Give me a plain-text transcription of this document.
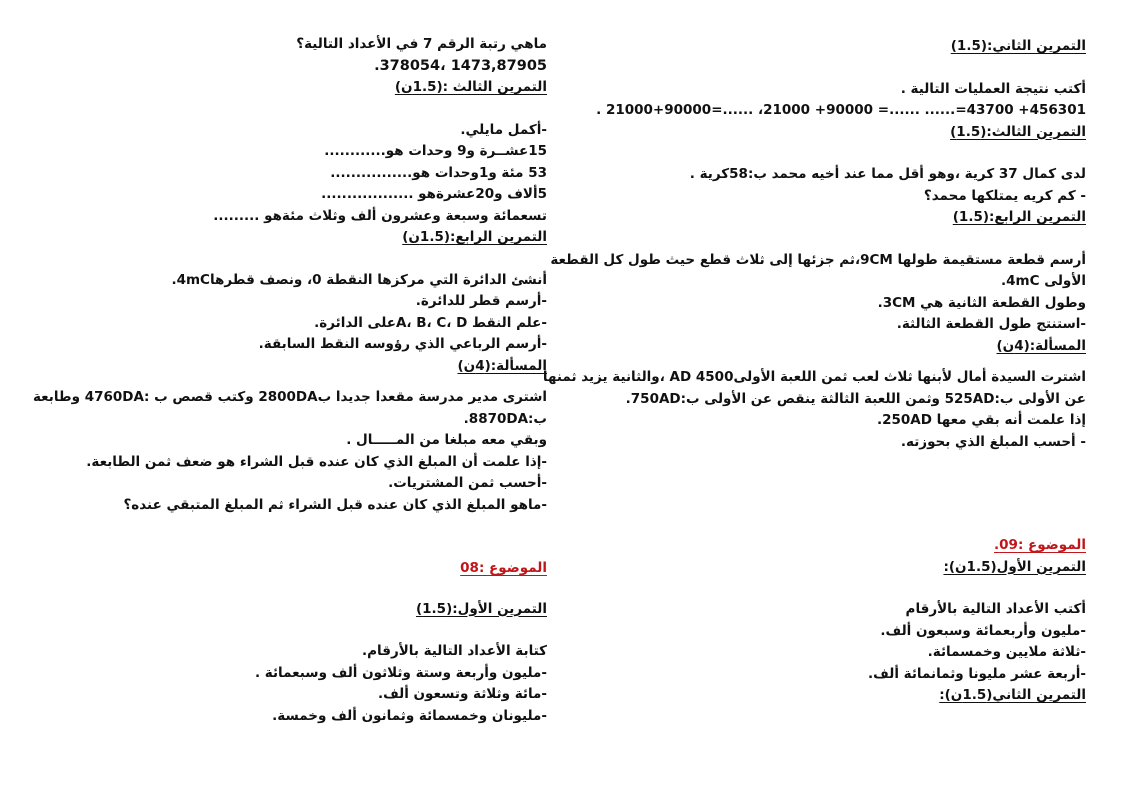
ماهي رتبة الرقم 7 في الأعداد التالية؟
1473,87905 ،378054.
التمرين الثالث :(1.5ن)
-أكمل مايلي.
15عشــرة و9 وحدات هو............
53 مئة و1وحدات هو................
5ألاف و20عشرةهو ..................
تسعمائة وسبعة وعشرون ألف وثلاث مئةهو .........
التمرين الرابع:(1.5ن)
أنشئ الدائرة التي مركزها النقطة 0، ونصف قطرها4mC.
-أرسم قطر للدائرة.
-علم النقط A، B، C، Dعلى الدائرة.
-أرسم الرباعي الذي رؤوسه النقط السابقة.
المسألة:(4ن)
اشترى مدير مدرسة مقعدا جديدا ب2800DA وكتب قصص ب :4760DA وطابعة
ب:8870DA.
وبقي معه مبلغا من المـــــال .
-إذا علمت أن المبلغ الذي كان عنده قبل الشراء هو ضعف ثمن الطابعة.
-أحسب ثمن المشتريات.
-ماهو المبلغ الذي كان عنده قبل الشراء ثم المبلغ المتبقي عنده؟
الموضوع :08
التمرين الأول:(1.5)
كتابة الأعداد التالية بالأرقام.
-مليون وأربعة وستة وثلاثون ألف وسبعمائة .
-مائة وثلاثة وتسعون ألف.
-مليونان وخمسمائة وثمانون ألف وخمسة.
التمرين الثاني:(1.5)
أكتب نتيجة العمليات التالية .
456301+ 43700=...... ......= 90000+ 21000، ......=21000+90000 .
التمرين الثالث:(1.5)
لدى كمال 37 كرية ،وهو أقل مما عند أخيه محمد ب:58كرية .
- كم كريه يمتلكها محمد؟
التمرين الرابع:(1.5)
أرسم قطعة مستقيمة طولها 9CM،ثم جزئها إلى ثلاث قطع حيث طول كل القطعة
الأولى 4mC.
وطول القطعة الثانية هي 3CM.
-استنتج طول القطعة الثالثة.
المسألة:(4ن)
اشترت السيدة أمال لأبنها ثلاث لعب ثمن اللعبة الأولى4500 AD ،والثانية يزيد ثمنها
عن الأولى ب:525AD وثمن اللعبة الثالثة ينقص عن الأولى ب:750AD.
إذا علمت أنه بقي معها 250AD.
- أحسب المبلغ الذي بحوزته.
الموضوع :09.
التمرين الأول(1.5ن):
أكتب الأعداد التالية بالأرقام
-مليون وأربعمائة وسبعون ألف.
-ثلاثة ملايين وخمسمائة.
-أربعة عشر مليونا وثمانمائة ألف.
التمرين الثاني(1.5ن):
